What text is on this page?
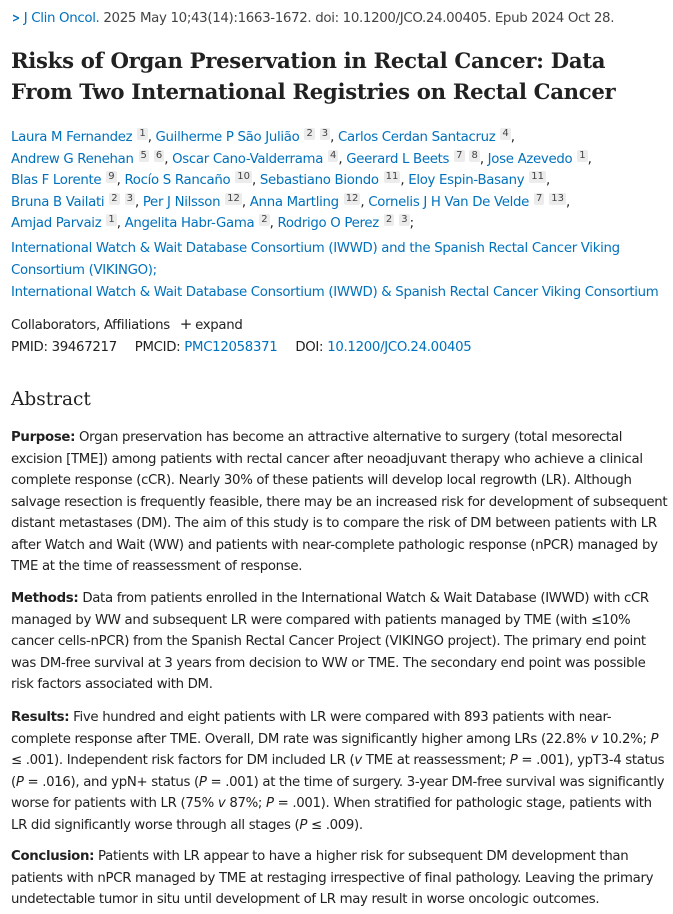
> J Clin Oncol. 2025 May 10;43(14):1663-1672. doi: 10.1200/JCO.24.00405. Epub 2024 Oct 28.
Risks of Organ Preservation in Rectal Cancer: Data
From Two International Registries on Rectal Cancer
Laura M Fernandez 1 , Guilherme P São Julião 2 3 , Carlos Cerdan Santacruz 4 ,
Andrew G Renehan 5 6 , Oscar Cano-Valderrama 4 , Geerard L Beets 7 8 , Jose Azevedo 1 ,
Blas F Lorente 9 , Rocío S Rancaño 10 , Sebastiano Biondo 11 , Eloy Espin-Basany 11 ,
Bruna B Vailati 2 3 , Per J Nilsson 12 , Anna Martling 12 , Cornelis J H Van De Velde 7 13 ,
Amjad Parvaiz 1 , Angelita Habr-Gama 2 , Rodrigo O Perez 2 3 ;
International Watch & Wait Database Consortium (IWWD) and the Spanish Rectal Cancer Viking
Consortium (VIKINGO);
International Watch & Wait Database Consortium (IWWD) & Spanish Rectal Cancer Viking Consortium
Collaborators, Affiliations + expand
PMID: 39467217 PMCID: PMC12058371 DOI: 10.1200/JCO.24.00405
Abstract

Purpose: Organ preservation has become an attractive alternative to surgery (total mesorectal
excision [TME]) among patients with rectal cancer after neoadjuvant therapy who achieve a clinical
complete response (cCR). Nearly 30% of these patients will develop local regrowth (LR). Although
salvage resection is frequently feasible, there may be an increased risk for development of subsequent
distant metastases (DM). The aim of this study is to compare the risk of DM between patients with LR
after Watch and Wait (WW) and patients with near-complete pathologic response (nPCR) managed by
TME at the time of reassessment of response.

Methods: Data from patients enrolled in the International Watch & Wait Database (IWWD) with cCR
managed by WW and subsequent LR were compared with patients managed by TME (with ≤10%
cancer cells-nPCR) from the Spanish Rectal Cancer Project (VIKINGO project). The primary end point
was DM-free survival at 3 years from decision to WW or TME. The secondary end point was possible
risk factors associated with DM.

Results: Five hundred and eight patients with LR were compared with 893 patients with near-
complete response after TME. Overall, DM rate was significantly higher among LRs (22.8% v 10.2%; P
≤ .001). Independent risk factors for DM included LR (v TME at reassessment; P = .001), ypT3-4 status
(P = .016), and ypN+ status (P = .001) at the time of surgery. 3-year DM-free survival was significantly
worse for patients with LR (75% v 87%; P = .001). When stratified for pathologic stage, patients with
LR did significantly worse through all stages (P ≤ .009).

Conclusion: Patients with LR appear to have a higher risk for subsequent DM development than
patients with nPCR managed by TME at restaging irrespective of final pathology. Leaving the primary
undetectable tumor in situ until development of LR may result in worse oncologic outcomes.
